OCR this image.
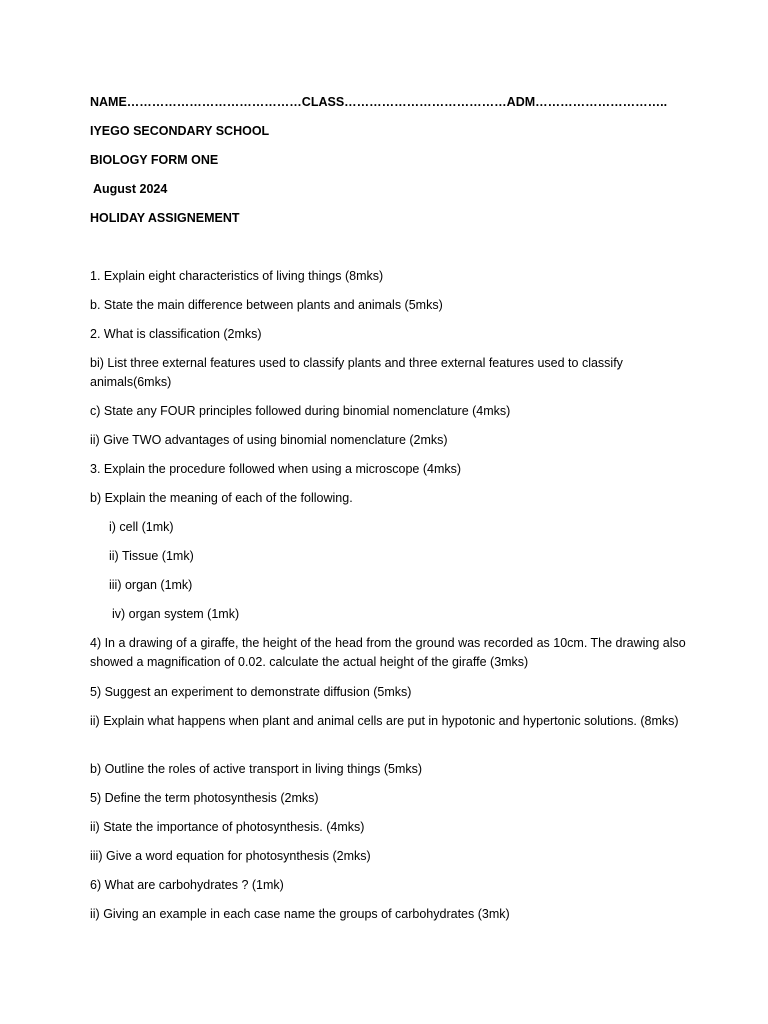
NAME……………………………………CLASS…………………………………ADM…………………………..
IYEGO SECONDARY SCHOOL
BIOLOGY FORM ONE
August 2024
HOLIDAY ASSIGNEMENT
1. Explain eight characteristics of living things (8mks)
b. State the main difference between plants and animals (5mks)
2. What is classification (2mks)
bi) List three external features used to classify plants and three external features used to classify animals(6mks)
c) State any FOUR principles followed during binomial nomenclature (4mks)
ii) Give TWO advantages of using binomial nomenclature (2mks)
3. Explain the procedure followed when using a microscope (4mks)
b) Explain the meaning of each of the following.
i) cell (1mk)
ii) Tissue (1mk)
iii) organ (1mk)
iv) organ system (1mk)
4) In a drawing of a giraffe, the height of the head from the ground was recorded as 10cm. The drawing also showed a magnification of 0.02. calculate the actual height of the giraffe (3mks)
5) Suggest an experiment to demonstrate diffusion (5mks)
ii) Explain what happens when plant and animal cells are put in hypotonic and hypertonic solutions. (8mks)
b) Outline the roles of active transport in living things (5mks)
5) Define the term photosynthesis (2mks)
ii) State the importance of photosynthesis. (4mks)
iii) Give a word equation for photosynthesis (2mks)
6) What are carbohydrates ? (1mk)
ii) Giving an example in each case name the groups of carbohydrates (3mk)
